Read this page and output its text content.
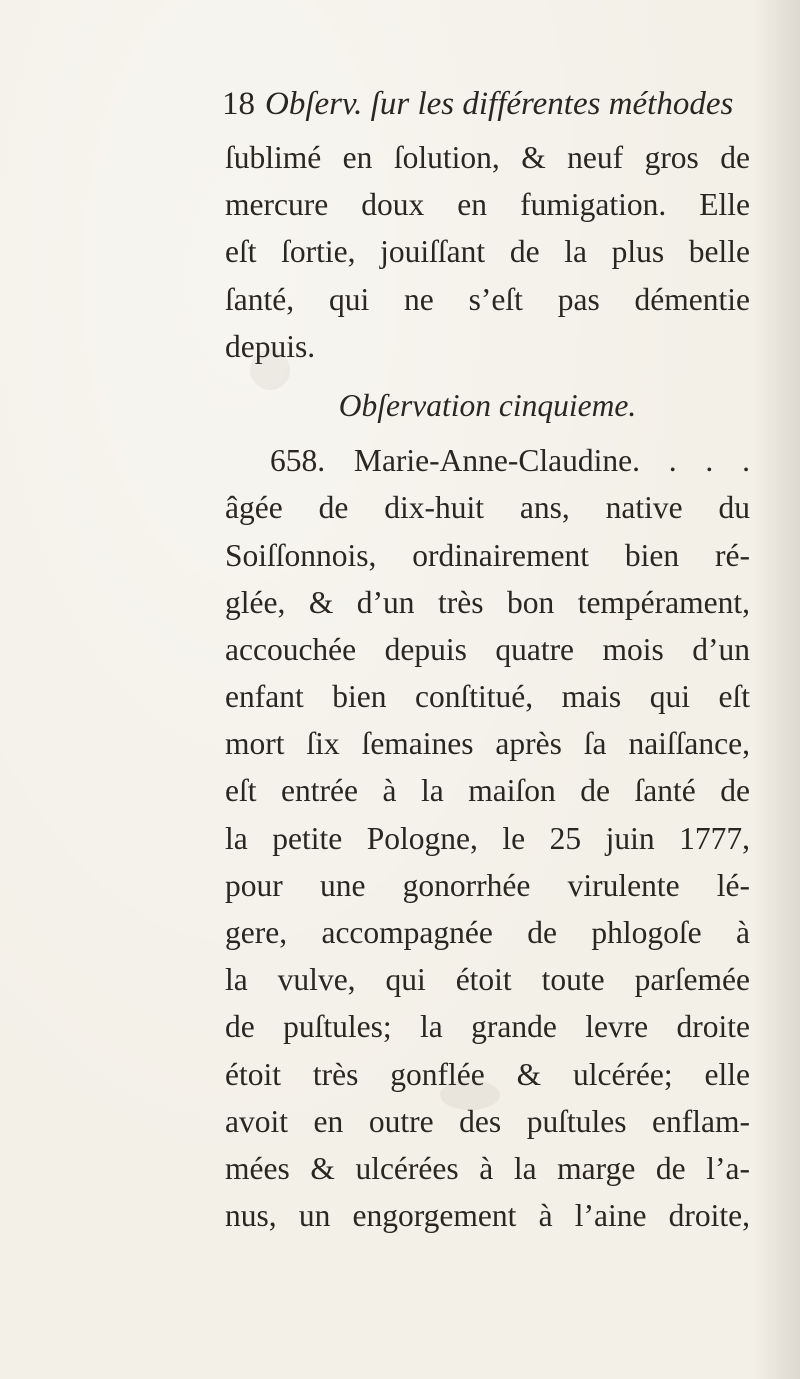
18 Obſerv. ſur les différentes méthodes
ſublimé en ſolution, & neuf gros de
mercure doux en fumigation. Elle
eſt ſortie, jouiſſant de la plus belle
ſanté, qui ne s’eſt pas démentie
depuis.
Obſervation cinquieme.
658. Marie-Anne-Claudine. . . .
âgée de dix-huit ans, native du
Soiſſonnois, ordinairement bien ré-
glée, & d’un très bon tempérament,
accouchée depuis quatre mois d’un
enfant bien conſtitué, mais qui eſt
mort ſix ſemaines après ſa naiſſance,
eſt entrée à la maiſon de ſanté de
la petite Pologne, le 25 juin 1777,
pour une gonorrhée virulente lé-
gere, accompagnée de phlogoſe à
la vulve, qui étoit toute parſemée
de puſtules; la grande levre droite
étoit très gonflée & ulcérée; elle
avoit en outre des puſtules enflam-
mées & ulcérées à la marge de l’a-
nus, un engorgement à l’aine droite,
